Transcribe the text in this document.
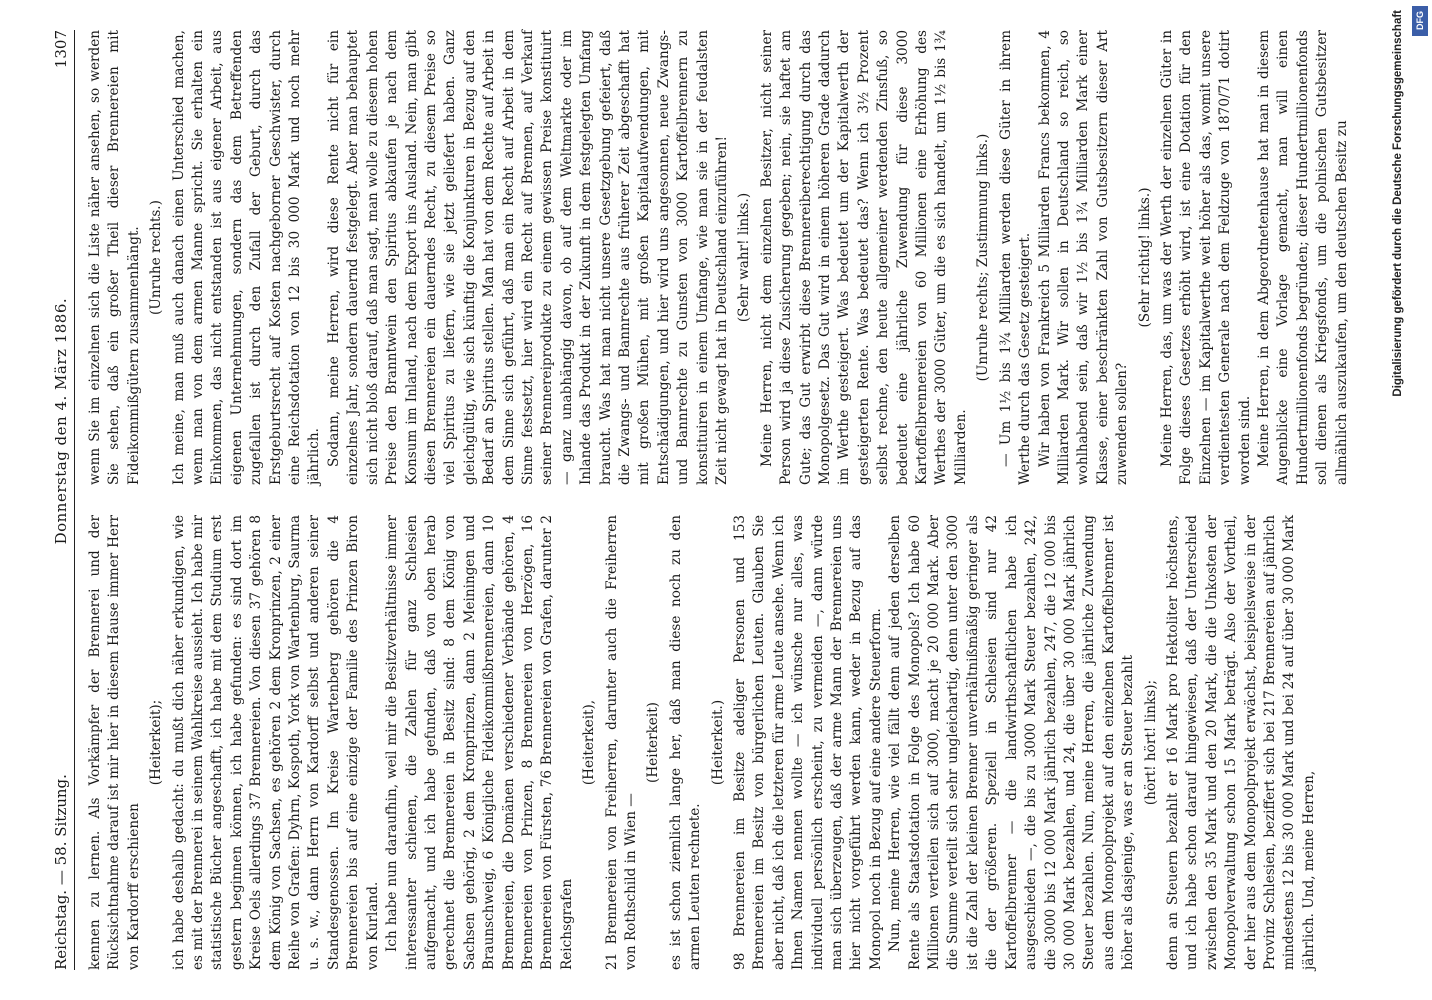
Reichstag. — 58. Sitzung.
Donnerstag den 4. März 1886.
1307

kennen zu lernen. Als Vorkämpfer der Brennerei und der Rücksichtnahme darauf ist mir hier in diesem Hause immer Herr von Kardorff erschienen

(Heiterkeit); ich habe deshalb gedacht: du mußt dich näher erkundigen, wie es mit der Brennerei in seinem Wahlkreise aussieht. Ich habe mir statistische Bücher angeschafft, ich habe mit dem Studium erst gestern beginnen können, ich habe gefunden: es sind dort im Kreise Oels allerdings 37 Brennereien. Von diesen 37 gehören 8 dem König von Sachsen, es gehören 2 dem Kronprinzen, 2 einer Reihe von Grafen: Dyhrn, Kospoth, York von Wartenburg, Saurma u. s. w., dann Herrn von Kardorff selbst und anderen seiner Standesgenossen. Im Kreise Wartenberg gehören die 4 Brennereien bis auf eine einzige der Familie des Prinzen Biron von Kurland. Ich habe nun daraufhin, weil mir die Besitzverhältnisse immer interessanter schienen, die Zahlen für ganz Schlesien aufgemacht, und ich habe gefunden, daß von oben herab gerechnet die Brennereien in Besitz sind: 8 dem König von Sachsen gehörig, 2 dem Kronprinzen, dann 2 Meiningen und Braunschweig, 6 Königliche Fideikommißbrennereien, dann 10 Brennereien, die Domänen verschiedener Verbände gehören, 4 Brennereien von Prinzen, 8 Brennereien von Herzögen, 16 Brennereien von Fürsten, 76 Brennereien von Grafen, darunter 2 Reichsgrafen

(Heiterkeit), 21 Brennereien von Freiherren, darunter auch die Freiherren von Rothschild in Wien —

(Heiterkeit) es ist schon ziemlich lange her, daß man diese noch zu den armen Leuten rechnete.

(Heiterkeit.) 98 Brennereien im Besitze adeliger Personen und 153 Brennereien im Besitz von bürgerlichen Leuten. Glauben Sie aber nicht, daß ich die letzteren für arme Leute ansehe. Wenn ich Ihnen Namen nennen wollte — ich wünsche nur alles, was individuell persönlich erscheint, zu vermeiden —, dann würde man sich überzeugen, daß der arme Mann der Brennereien uns hier nicht vorgeführt werden kann, weder in Bezug auf das Monopol noch in Bezug auf eine andere Steuerform. Nun, meine Herren, wie viel fällt denn auf jeden derselben Rente als Staatsdotation in Folge des Monopols? Ich habe 60 Millionen verteilen sich auf 3000, macht je 20 000 Mark. Aber die Summe verteilt sich sehr ungleichartig, denn unter den 3000 ist die Zahl der kleinen Brenner unverhältnißmäßig geringer als die der größeren. Speziell in Schlesien sind nur 42 Kartoffelbrenner — die landwirthschaftlichen habe ich ausgeschieden —, die bis zu 3000 Mark Steuer bezahlen, 242, die 3000 bis 12 000 Mark jährlich bezahlen, 247, die 12 000 bis 30 000 Mark bezahlen, und 24, die über 30 000 Mark jährlich Steuer bezahlen. Nun, meine Herren, die jährliche Zuwendung aus dem Monopolprojekt auf den einzelnen Kartoffelbrenner ist höher als dasjenige, was er an Steuer bezahlt (hört! hört! links); denn an Steuern bezahlt er 16 Mark pro Hektoliter höchstens, und ich habe schon darauf hingewiesen, daß der Unterschied zwischen den 35 Mark und den 20 Mark, die die Unkosten der Monopolverwaltung schon 15 Mark beträgt. Also der Vortheil, der hier aus dem Monopolprojekt erwächst, beispielsweise in der Provinz Schlesien, beziffert sich bei 217 Brennereien auf jährlich mindestens 12 bis 30 000 Mark und bei 24 auf über 30 000 Mark jährlich. Und, meine Herren,

wenn Sie im einzelnen sich die Liste näher ansehen, so werden Sie sehen, daß ein großer Theil dieser Brennereien mit Fideikommißgütern zusammenhängt. (Unruhe rechts.) Ich meine, man muß auch danach einen Unterschied machen, wenn man von dem armen Manne spricht. Sie erhalten ein Einkommen, das nicht entstanden ist aus eigener Arbeit, aus eigenen Unternehmungen, sondern das dem Betreffenden zugefallen ist durch den Zufall der Geburt, durch das Erstgeburtsrecht auf Kosten nachgeborner Geschwister, durch eine Reichsdotation von 12 bis 30 000 Mark und noch mehr jährlich. Sodann, meine Herren, wird diese Rente nicht für ein einzelnes Jahr, sondern dauernd festgelegt. Aber man behauptet sich nicht bloß darauf, daß man sagt, man wolle zu diesem hohen Preise den Branntwein den Spiritus abkaufen je nach dem Konsum im Inland, nach dem Export ins Ausland. Nein, man gibt diesen Brennereien ein dauerndes Recht, zu diesem Preise so viel Spiritus zu liefern, wie sie jetzt geliefert haben. Ganz gleichgültig, wie sich künftig die Konjunkturen in Bezug auf den Bedarf an Spiritus stellen. Man hat von dem Rechte auf Arbeit in dem Sinne sich geführt, daß man ein Recht auf Arbeit in dem Sinne festsetzt, hier wird ein Recht auf Brennen, auf Verkauf seiner Brennereiprodukte zu einem gewissen Preise konstituirt — ganz unabhängig davon, ob auf dem Weltmarkte oder im Inlande das Produkt in der Zukunft in dem festgelegten Umfang braucht. Was hat man nicht unsere Gesetzgebung gefeiert, daß die Zwangs- und Bannrechte aus früherer Zeit abgeschafft hat mit großen Mühen, mit großen Kapitalaufwendungen, mit Entschädigungen, und hier wird uns angesonnen, neue Zwangs- und Bannrechte zu Gunsten von 3000 Kartoffelbrennern zu konstituiren in einem Umfange, wie man sie in der feudalsten Zeit nicht gewagt hat in Deutschland einzuführen! (Sehr wahr! links.) Meine Herren, nicht dem einzelnen Besitzer, nicht seiner Person wird ja diese Zusicherung gegeben; nein, sie haftet am Gute; das Gut erwirbt diese Brennereiberechtigung durch das Monopolgesetz. Das Gut wird in einem höheren Grade dadurch im Werthe gesteigert. Was bedeutet um der Kapitalwerth der gesteigerten Rente. Was bedeutet das? Wenn ich 3½ Prozent selbst rechne, den heute allgemeiner werdenden Zinsfuß, so bedeutet eine jährliche Zuwendung für diese 3000 Kartoffelbrennereien von 60 Millionen eine Erhöhung des Werthes der 3000 Güter, um die es sich handelt, um 1½ bis 1¾ Milliarden.

(Unruhe rechts; Zustimmung links.) — Um 1½ bis 1¾ Milliarden werden diese Güter in ihrem Werthe durch das Gesetz gesteigert. Wir haben von Frankreich 5 Milliarden Francs bekommen, 4 Milliarden Mark. Wir sollen in Deutschland so reich, so wohlhabend sein, daß wir 1½ bis 1¾ Milliarden Mark einer Klasse, einer beschränkten Zahl von Gutsbesitzern dieser Art zuwenden sollen?

(Sehr richtig! links.) Meine Herren, das, um was der Werth der einzelnen Güter in Folge dieses Gesetzes erhöht wird, ist eine Dotation für den Einzelnen — im Kapitalwerthe weit höher als das, womit unsere verdientesten Generale nach dem Feldzuge von 1870/71 dotirt worden sind. Meine Herren, in dem Abgeordnetenhause hat man in diesem Augenblicke eine Vorlage gemacht, man will einen Hundertmillionenfonds begründen; dieser Hundertmillionenfonds soll dienen als Kriegsfonds, um die polnischen Gutsbesitzer allmählich auszukaufen, um den deutschen Besitz zu	Digitalisierung gefördert durch die Deutsche Forschungsgemeinschaft	DFG
